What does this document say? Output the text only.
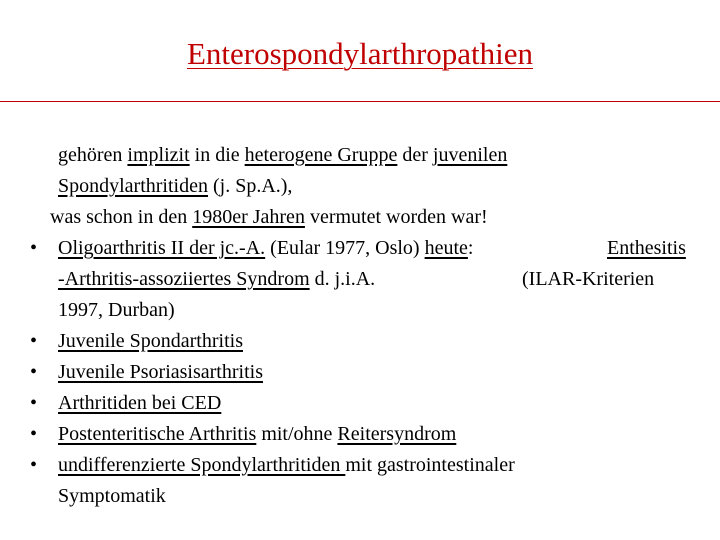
Enterospondylarthropathien
gehören implizit in die heterogene Gruppe der juvenilen
Spondylarthritiden (j. Sp.A.),
was schon in den 1980er Jahren vermutet worden war!
• Oligoarthritis II der jc.-A. (Eular 1977, Oslo) heute:	Enthesitis
-Arthritis-assoziiertes Syndrom d. j.i.A.	(ILAR-Kriterien
1997, Durban)
• Juvenile Spondarthritis
• Juvenile Psoriasisarthritis
• Arthritiden bei CED
• Postenteritische Arthritis mit/ohne Reitersyndrom
• undifferenzierte Spondylarthritiden mit gastrointestinaler
Symptomatik
